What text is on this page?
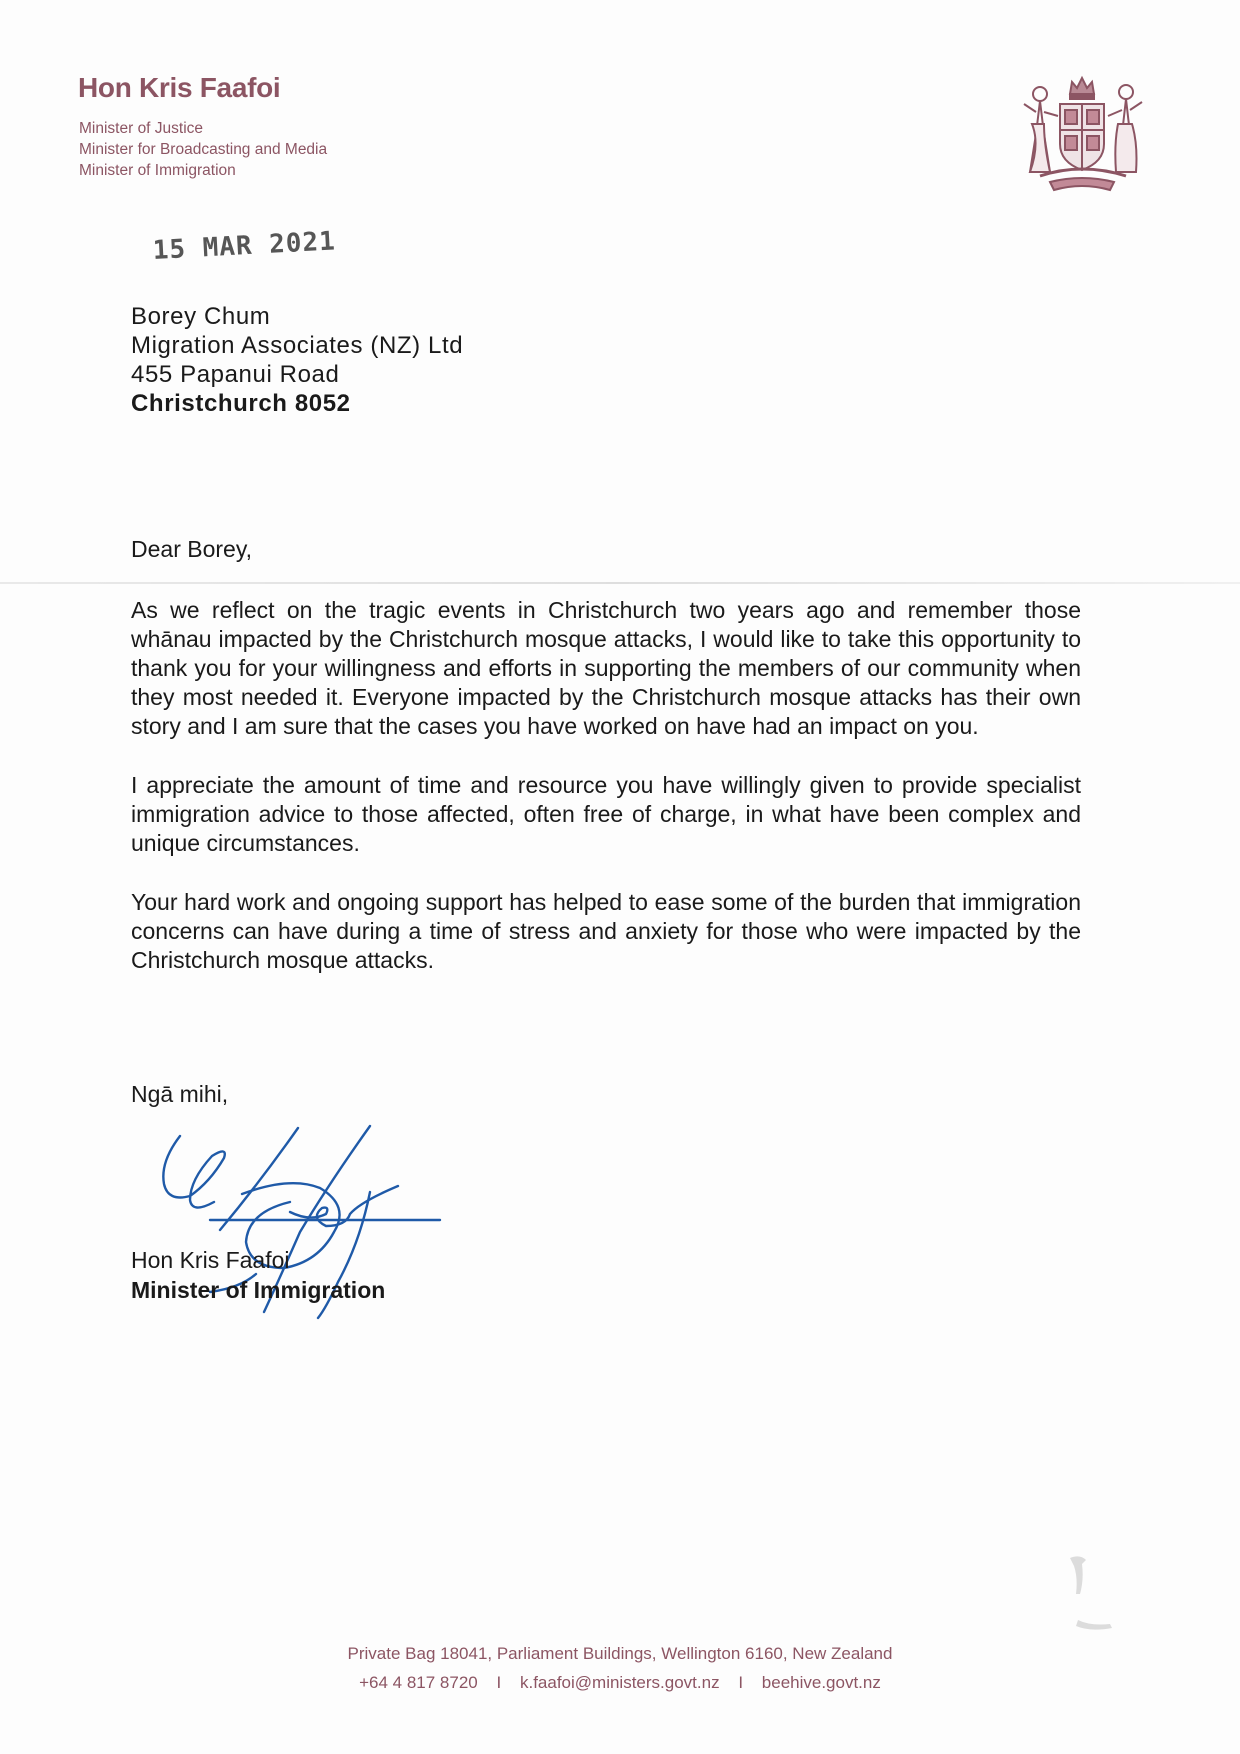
Hon Kris Faafoi
Minister of Justice
Minister for Broadcasting and Media
Minister of Immigration
15 MAR 2021
Borey Chum
Migration Associates (NZ) Ltd
455 Papanui Road
Christchurch 8052
Dear Borey,

As we reflect on the tragic events in Christchurch two years ago and remember those whānau impacted by the Christchurch mosque attacks, I would like to take this opportunity to thank you for your willingness and efforts in supporting the members of our community when they most needed it. Everyone impacted by the Christchurch mosque attacks has their own story and I am sure that the cases you have worked on have had an impact on you.

I appreciate the amount of time and resource you have willingly given to provide specialist immigration advice to those affected, often free of charge, in what have been complex and unique circumstances.

Your hard work and ongoing support has helped to ease some of the burden that immigration concerns can have during a time of stress and anxiety for those who were impacted by the Christchurch mosque attacks.

Ngā mihi,
Hon Kris Faafoi
Minister of Immigration
Private Bag 18041, Parliament Buildings, Wellington 6160, New Zealand
+64 4 817 8720 I k.faafoi@ministers.govt.nz I beehive.govt.nz
